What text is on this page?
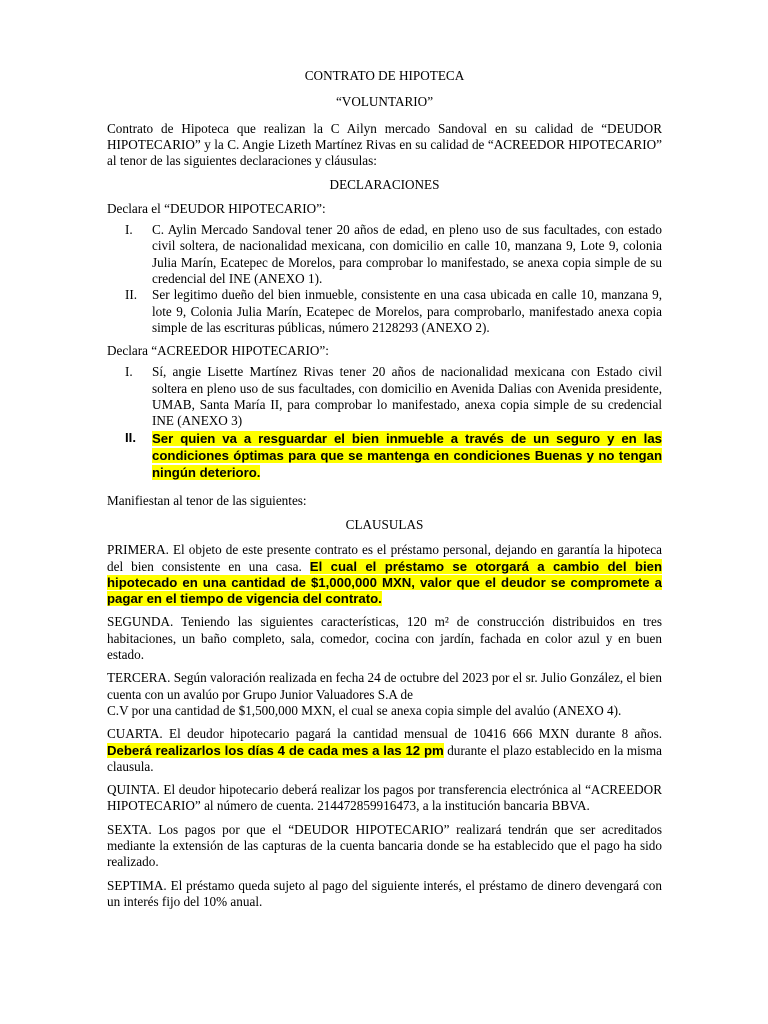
CONTRATO DE HIPOTECA

“VOLUNTARIO”

Contrato de Hipoteca que realizan la C Ailyn mercado Sandoval en su calidad de “DEUDOR HIPOTECARIO” y la C. Angie Lizeth Martínez Rivas en su calidad de “ACREEDOR HIPOTECARIO” al tenor de las siguientes declaraciones y cláusulas:

DECLARACIONES

Declara el “DEUDOR HIPOTECARIO”:

I.	C. Aylin Mercado Sandoval tener 20 años de edad, en pleno uso de sus facultades, con estado civil soltera, de nacionalidad mexicana, con domicilio en calle 10, manzana 9, Lote 9, colonia Julia Marín, Ecatepec de Morelos, para comprobar lo manifestado, se anexa copia simple de su credencial del INE (ANEXO 1).

II.	Ser legitimo dueño del bien inmueble, consistente en una casa ubicada en calle 10, manzana 9, lote 9, Colonia Julia Marín, Ecatepec de Morelos, para comprobarlo, manifestado anexa copia simple de las escrituras públicas, número 2128293 (ANEXO 2).

Declara “ACREEDOR HIPOTECARIO”:

I.	Sí, angie Lisette Martínez Rivas tener 20 años de nacionalidad mexicana con Estado civil soltera en pleno uso de sus facultades, con domicilio en Avenida Dalias con Avenida presidente, UMAB, Santa María II, para comprobar lo manifestado, anexa copia simple de su credencial INE (ANEXO 3)

II.	Ser quien va a resguardar el bien inmueble a través de un seguro y en las condiciones óptimas para que se mantenga en condiciones Buenas y no tengan ningún deterioro.

Manifiestan al tenor de las siguientes:

CLAUSULAS

PRIMERA. El objeto de este presente contrato es el préstamo personal, dejando en garantía la hipoteca del bien consistente en una casa. El cual el préstamo se otorgará a cambio del bien hipotecado en una cantidad de $1,000,000 MXN, valor que el deudor se compromete a pagar en el tiempo de vigencia del contrato.

SEGUNDA. Teniendo las siguientes características, 120 m² de construcción distribuidos en tres habitaciones, un baño completo, sala, comedor, cocina con jardín, fachada en color azul y en buen estado.

TERCERA. Según valoración realizada en fecha 24 de octubre del 2023 por el sr. Julio González, el bien cuenta con un avalúo por Grupo Junior Valuadores S.A de

C.V por una cantidad de $1,500,000 MXN, el cual se anexa copia simple del avalúo (ANEXO 4).

CUARTA. El deudor hipotecario pagará la cantidad mensual de 10416 666 MXN durante 8 años. Deberá realizarlos los días 4 de cada mes a las 12 pm durante el plazo establecido en la misma clausula.

QUINTA. El deudor hipotecario deberá realizar los pagos por transferencia electrónica al “ACREEDOR HIPOTECARIO” al número de cuenta. 214472859916473, a la institución bancaria BBVA.

SEXTA. Los pagos por que el “DEUDOR HIPOTECARIO” realizará tendrán que ser acreditados mediante la extensión de las capturas de la cuenta bancaria donde se ha establecido que el pago ha sido realizado.

SEPTIMA. El préstamo queda sujeto al pago del siguiente interés, el préstamo de dinero devengará con un interés fijo del 10% anual.
